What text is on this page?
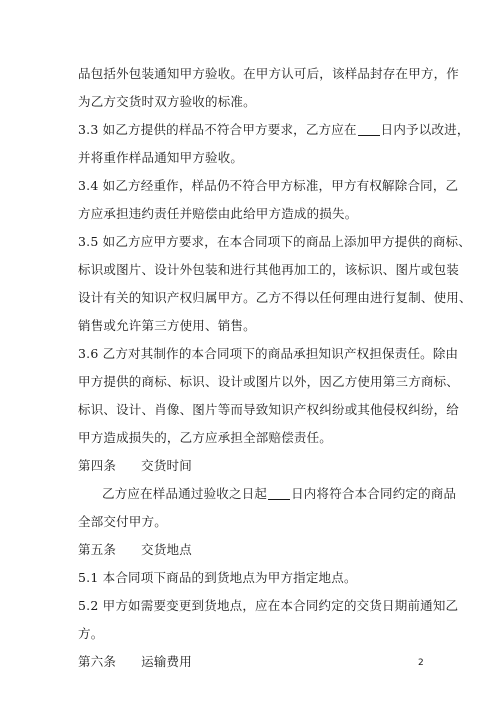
品包括外包装通知甲方验收。在甲方认可后，该样品封存在甲方，作
为乙方交货时双方验收的标准。
3.3 如乙方提供的样品不符合甲方要求，乙方应在 日内予以改进，
并将重作样品通知甲方验收。
3.4 如乙方经重作，样品仍不符合甲方标准，甲方有权解除合同，乙
方应承担违约责任并赔偿由此给甲方造成的损失。
3.5 如乙方应甲方要求，在本合同项下的商品上添加甲方提供的商标、
标识或图片、设计外包装和进行其他再加工的，该标识、图片或包装
设计有关的知识产权归属甲方。乙方不得以任何理由进行复制、使用、
销售或允许第三方使用、销售。
3.6 乙方对其制作的本合同项下的商品承担知识产权担保责任。除由
甲方提供的商标、标识、设计或图片以外，因乙方使用第三方商标、
标识、设计、肖像、图片等而导致知识产权纠纷或其他侵权纠纷，给
甲方造成损失的，乙方应承担全部赔偿责任。
第四条      交货时间
乙方应在样品通过验收之日起 日内将符合本合同约定的商品
全部交付甲方。
第五条      交货地点
5.1 本合同项下商品的到货地点为甲方指定地点。
5.2 甲方如需要变更到货地点，应在本合同约定的交货日期前通知乙
方。
第六条      运输费用	2
